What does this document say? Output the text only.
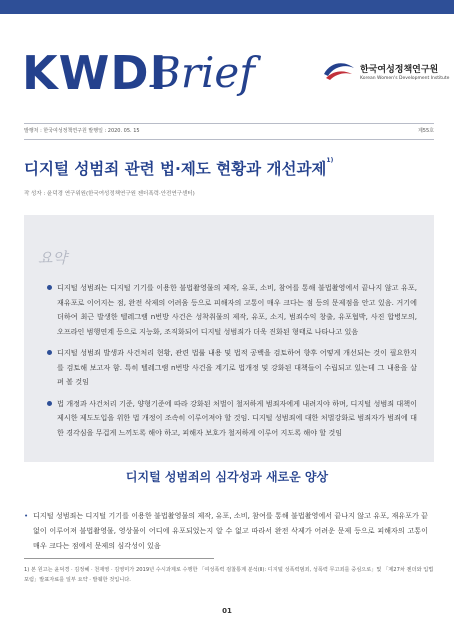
KWDI
Brief	한국여성정책연구원
Korean Women's Development Institute
발행처 : 한국여성정책연구원 발행일 : 2020. 05. 15	제55호
디지털 성범죄 관련 법·제도 현황과 개선과제$^{1)}$
작 성자 : 윤덕경 연구위원(한국여성정책연구원 젠더폭력·안전연구센터)
요약
디지털 성범죄는 디지털 기기를 이용한 불법촬영물의 제작, 유포, 소비, 참여를 통해 불법촬영에서 끝나지 않고 유포, 재유포로 이어지는 점, 완전 삭제의 어려움 등으로 피해자의 고통이 매우 크다는 점 등의 문제점을 안고 있음. 거기에 더하여 최근 발생한 텔레그램 n번방 사건은 성착취물의 제작, 유포, 소지, 범죄수익 창출, 유포협박, 사진 합병모의, 오프라인 범행연계 등으로 지능화, 조직화되어 디지털 성범죄가 더욱 진화된 형태로 나타나고 있음
디지털 성범죄 발생과 사건처리 현황, 관련 법률 내용 및 법적 공백을 검토하여 향후 어떻게 개선되는 것이 필요한지를 검토해 보고자 함. 특히 텔레그램 n번방 사건을 계기로 법개정 및 강화된 대책들이 수립되고 있는데 그 내용을 살펴 볼 것임
법 개정과 사건처리 기준, 양형기준에 따라 강화된 처벌이 철저하게 범죄자에게 내려지야 하며, 디지털 성범죄 대책이 제시한 제도도입을 위한 법 개정이 조속히 이루어져야 할 것임. 디지털 성범죄에 대한 처벌강화로 범죄자가 범죄에 대한 경각심을 무겁게 느끼도록 해야 하고, 피해자 보호가 철저하게 이루어 지도록 해야 할 것임
디지털 성범죄의 심각성과 새로운 양상
• 디지털 성범죄는 디지털 기기를 이용한 불법촬영물의 제작, 유포, 소비, 참여를 통해 불법촬영에서 끝나지 않고 유포, 재유포가 끝없이 이루어져 불법촬영물, 영상물이 어디에 유포되었는지 알 수 없고 따라서 완전 삭제가 어려운 문제 등으로 피해자의 고통이 매우 크다는 점에서 문제의 심각성이 있음
1) 본 원고는 윤덕경 · 김정혜 · 천재영 · 김영미가 2019년 수시과제로 수행한 「여성폭력 검찰통계 분석(Ⅱ): 디지털 성폭력범죄, 성폭력 무고죄를 중심으로」및 「제27차 젠더와 입법포럼」발표자료를 일부 요약 · 발췌한 것입니다.
01
